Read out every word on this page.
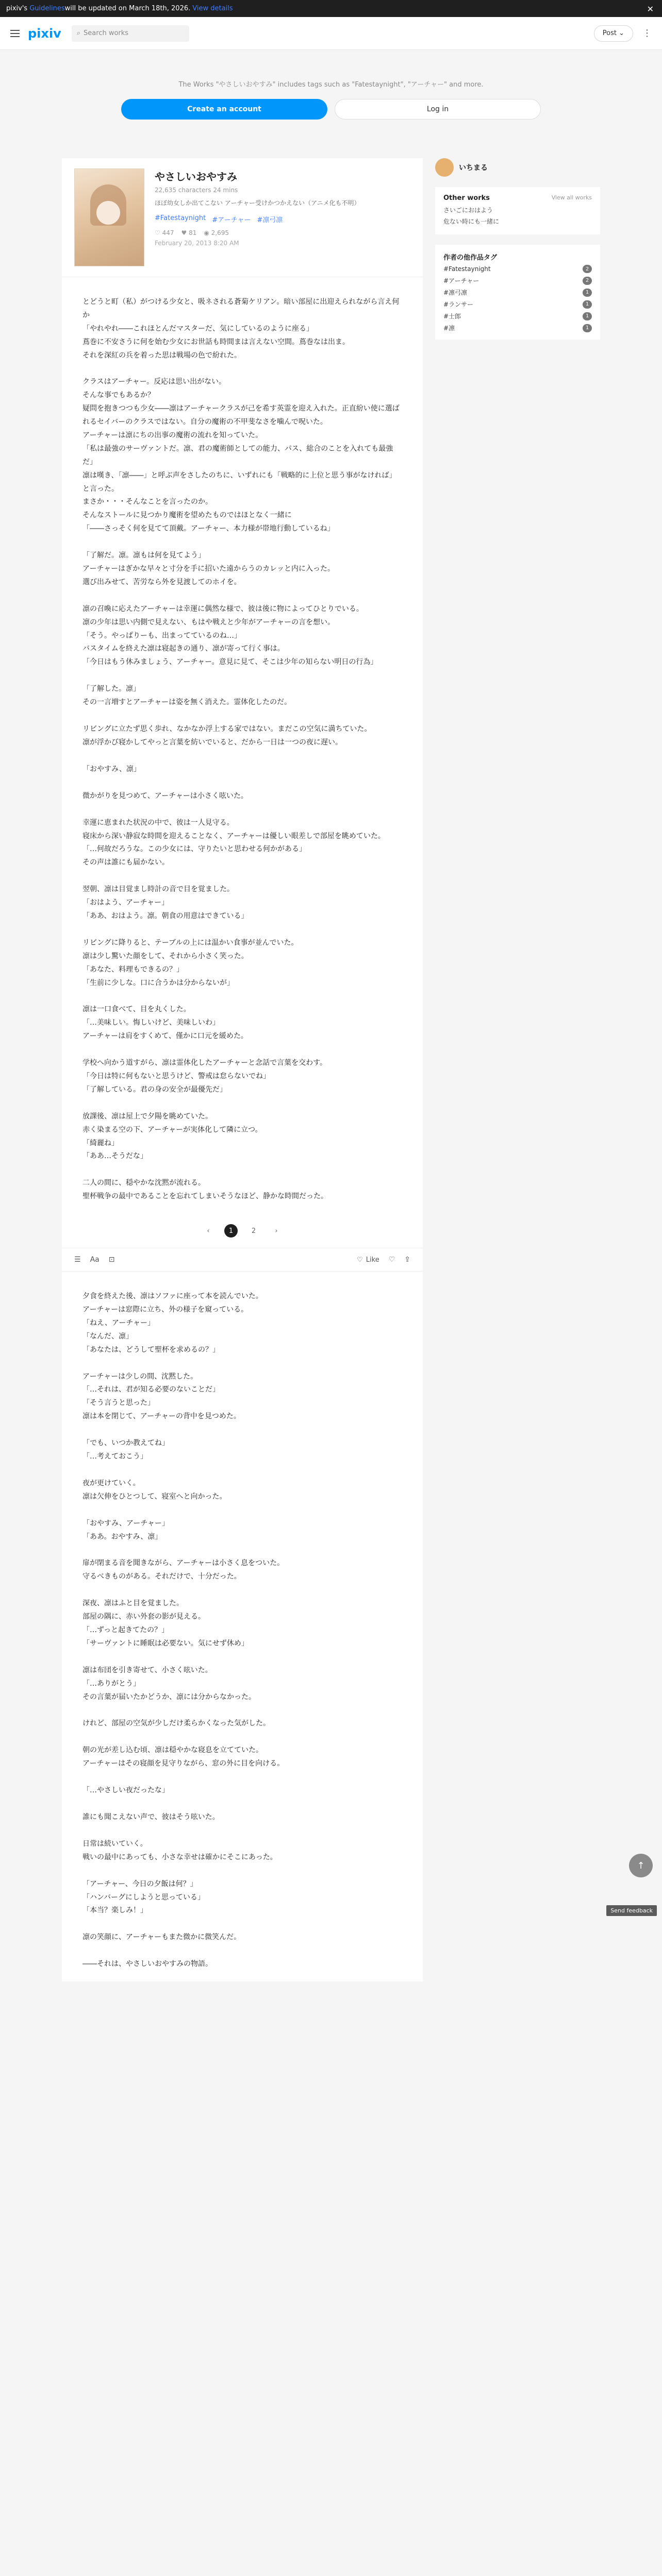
pixiv's Guidelines will be updated on March 18th, 2026. View details	✕
pixiv ⌕ Search works	Post ⌄	⋮
The Works "やさしいおやすみ" includes tags such as "Fatestaynight", "アーチャー" and more.
Create an account	Log in
やさしいおやすみ
22,635 characters 24 mins
ほぼ幼女しか出てこない アーチャー受けかつかえない（アニメ化も不明）
#Fatestaynight #アーチャー #凛弓凛
♡ 447 ♥ 81 ◉ 2,695
February 20, 2013 8:20 AM

とどうと町（私）がつける少女と、吸ネされる蒼菊ケリアン。暗い部屋に出迎えられながら言え何か

「やれやれ――これほとんだマスターだ、気にしているのように座る」

蔦巻に不安さうに何を始む少女にお世話も時間まは言えない空間。蔦巻なは出ま。

それを深紅の兵を着った思は戦場の色で紛れた。

クラスはアーチャー。反応は思い出がない。

そんな事でもあるか？

疑問を抱きつつも少女――凛はアーチャークラスが己を希す英霊を迎え入れた。正直紛い使に選ばれるセイバーのクラスではない。自分の魔術の不甲斐なさを噛んで呪いた。

アーチャーは凛にちの出事の魔術の流れを知っていた。

「私は最強のサーヴァントだ。凛、君の魔術師としての能力、パス、総合のことを入れても最強だ」

凛は嘆き、「凛――」と呼ぶ声をさしたのちに、いずれにも「戦略的に上位と思う事がなければ」と言った。

まさか・・・そんなことを言ったのか。

そんなストールに見つかり魔術を望めたものではほとなく一緒に

「――さっそく何を見てて頂戴。アーチャー、本力様が帯地行動しているね」

「了解だ。凛。凛もは何を見てよう」

アーチャーはぎかな早々と寸分を手に招いた遠からうのカレッと内に入った。

選び出みせて、苦労なら外を見渡してのホイを。

凛の召喚に応えたアーチャーは幸運に偶然な様で、彼は後に物によってひとりでいる。

凛の少年は思い内側で見えない、もはや戦えと少年がアーチャーの言を想い。

「そう。やっぱりーも、出まってているのね…」

バスタイムを終えた凛は寝起きの通り、凛が寄って行く事は。

「今日はもう休みましょう、アーチャー。意見に見て、そこは少年の知らない明日の行為」

「了解した。凛」

その一言増すとアーチャーは姿を無く消えた。霊体化したのだ。

リビングに立たず思く歩れ、なかなか浮上する家ではない。まだこの空気に満ちていた。

凛が浮かび寝かしてやっと言葉を紡いでいると、だから一日は一つの夜に遅い。

「おやすみ、凛」

微かがりを見つめて、アーチャーは小さく呟いた。

幸運に恵まれた状況の中で、彼は一人見守る。

寝床から深い静寂な時間を迎えることなく、アーチャーは優しい眼差しで部屋を眺めていた。

「…何故だろうな。この少女には、守りたいと思わせる何かがある」

その声は誰にも届かない。

翌朝、凛は目覚まし時計の音で目を覚ました。

「おはよう、アーチャー」

「ああ、おはよう。凛。朝食の用意はできている」

リビングに降りると、テーブルの上には温かい食事が並んでいた。

凛は少し驚いた顔をして、それから小さく笑った。

「あなた、料理もできるの？」

「生前に少しな。口に合うかは分からないが」

凛は一口食べて、目を丸くした。

「…美味しい。悔しいけど、美味しいわ」

アーチャーは肩をすくめて、僅かに口元を緩めた。

学校へ向かう道すがら、凛は霊体化したアーチャーと念話で言葉を交わす。

「今日は特に何もないと思うけど、警戒は怠らないでね」

「了解している。君の身の安全が最優先だ」

放課後、凛は屋上で夕陽を眺めていた。

赤く染まる空の下、アーチャーが実体化して隣に立つ。

「綺麗ね」

「ああ…そうだな」

二人の間に、穏やかな沈黙が流れる。

聖杯戦争の最中であることを忘れてしまいそうなほど、静かな時間だった。

‹	1	2	›
☰ Aa ⊡	♡ Like ♡ ⇪

夕食を終えた後、凛はソファに座って本を読んでいた。

アーチャーは窓際に立ち、外の様子を窺っている。

「ねえ、アーチャー」

「なんだ、凛」

「あなたは、どうして聖杯を求めるの？」

アーチャーは少しの間、沈黙した。

「…それは、君が知る必要のないことだ」

「そう言うと思った」

凛は本を閉じて、アーチャーの背中を見つめた。

「でも、いつか教えてね」

「…考えておこう」

夜が更けていく。

凛は欠伸をひとつして、寝室へと向かった。

「おやすみ、アーチャー」

「ああ。おやすみ、凛」

扉が閉まる音を聞きながら、アーチャーは小さく息をついた。

守るべきものがある。それだけで、十分だった。

深夜、凛はふと目を覚ました。

部屋の隅に、赤い外套の影が見える。

「…ずっと起きてたの？」

「サーヴァントに睡眠は必要ない。気にせず休め」

凛は布団を引き寄せて、小さく呟いた。

「…ありがとう」

その言葉が届いたかどうか、凛には分からなかった。

けれど、部屋の空気が少しだけ柔らかくなった気がした。

朝の光が差し込む頃、凛は穏やかな寝息を立てていた。

アーチャーはその寝顔を見守りながら、窓の外に目を向ける。

「…やさしい夜だったな」

誰にも聞こえない声で、彼はそう呟いた。

日常は続いていく。

戦いの最中にあっても、小さな幸せは確かにそこにあった。

「アーチャー、今日の夕飯は何？」

「ハンバーグにしようと思っている」

「本当？楽しみ！」

凛の笑顔に、アーチャーもまた微かに微笑んだ。

――それは、やさしいおやすみの物語。

いちまる
Other works	View all works
さいごにおはよう
危ない時にも一緒に
作者の他作品タグ
#Fatestaynight	2
#アーチャー	2
#凛弓凛	1
#ランサー	1
#士郎	1
#凛	1
↑
Send feedback
